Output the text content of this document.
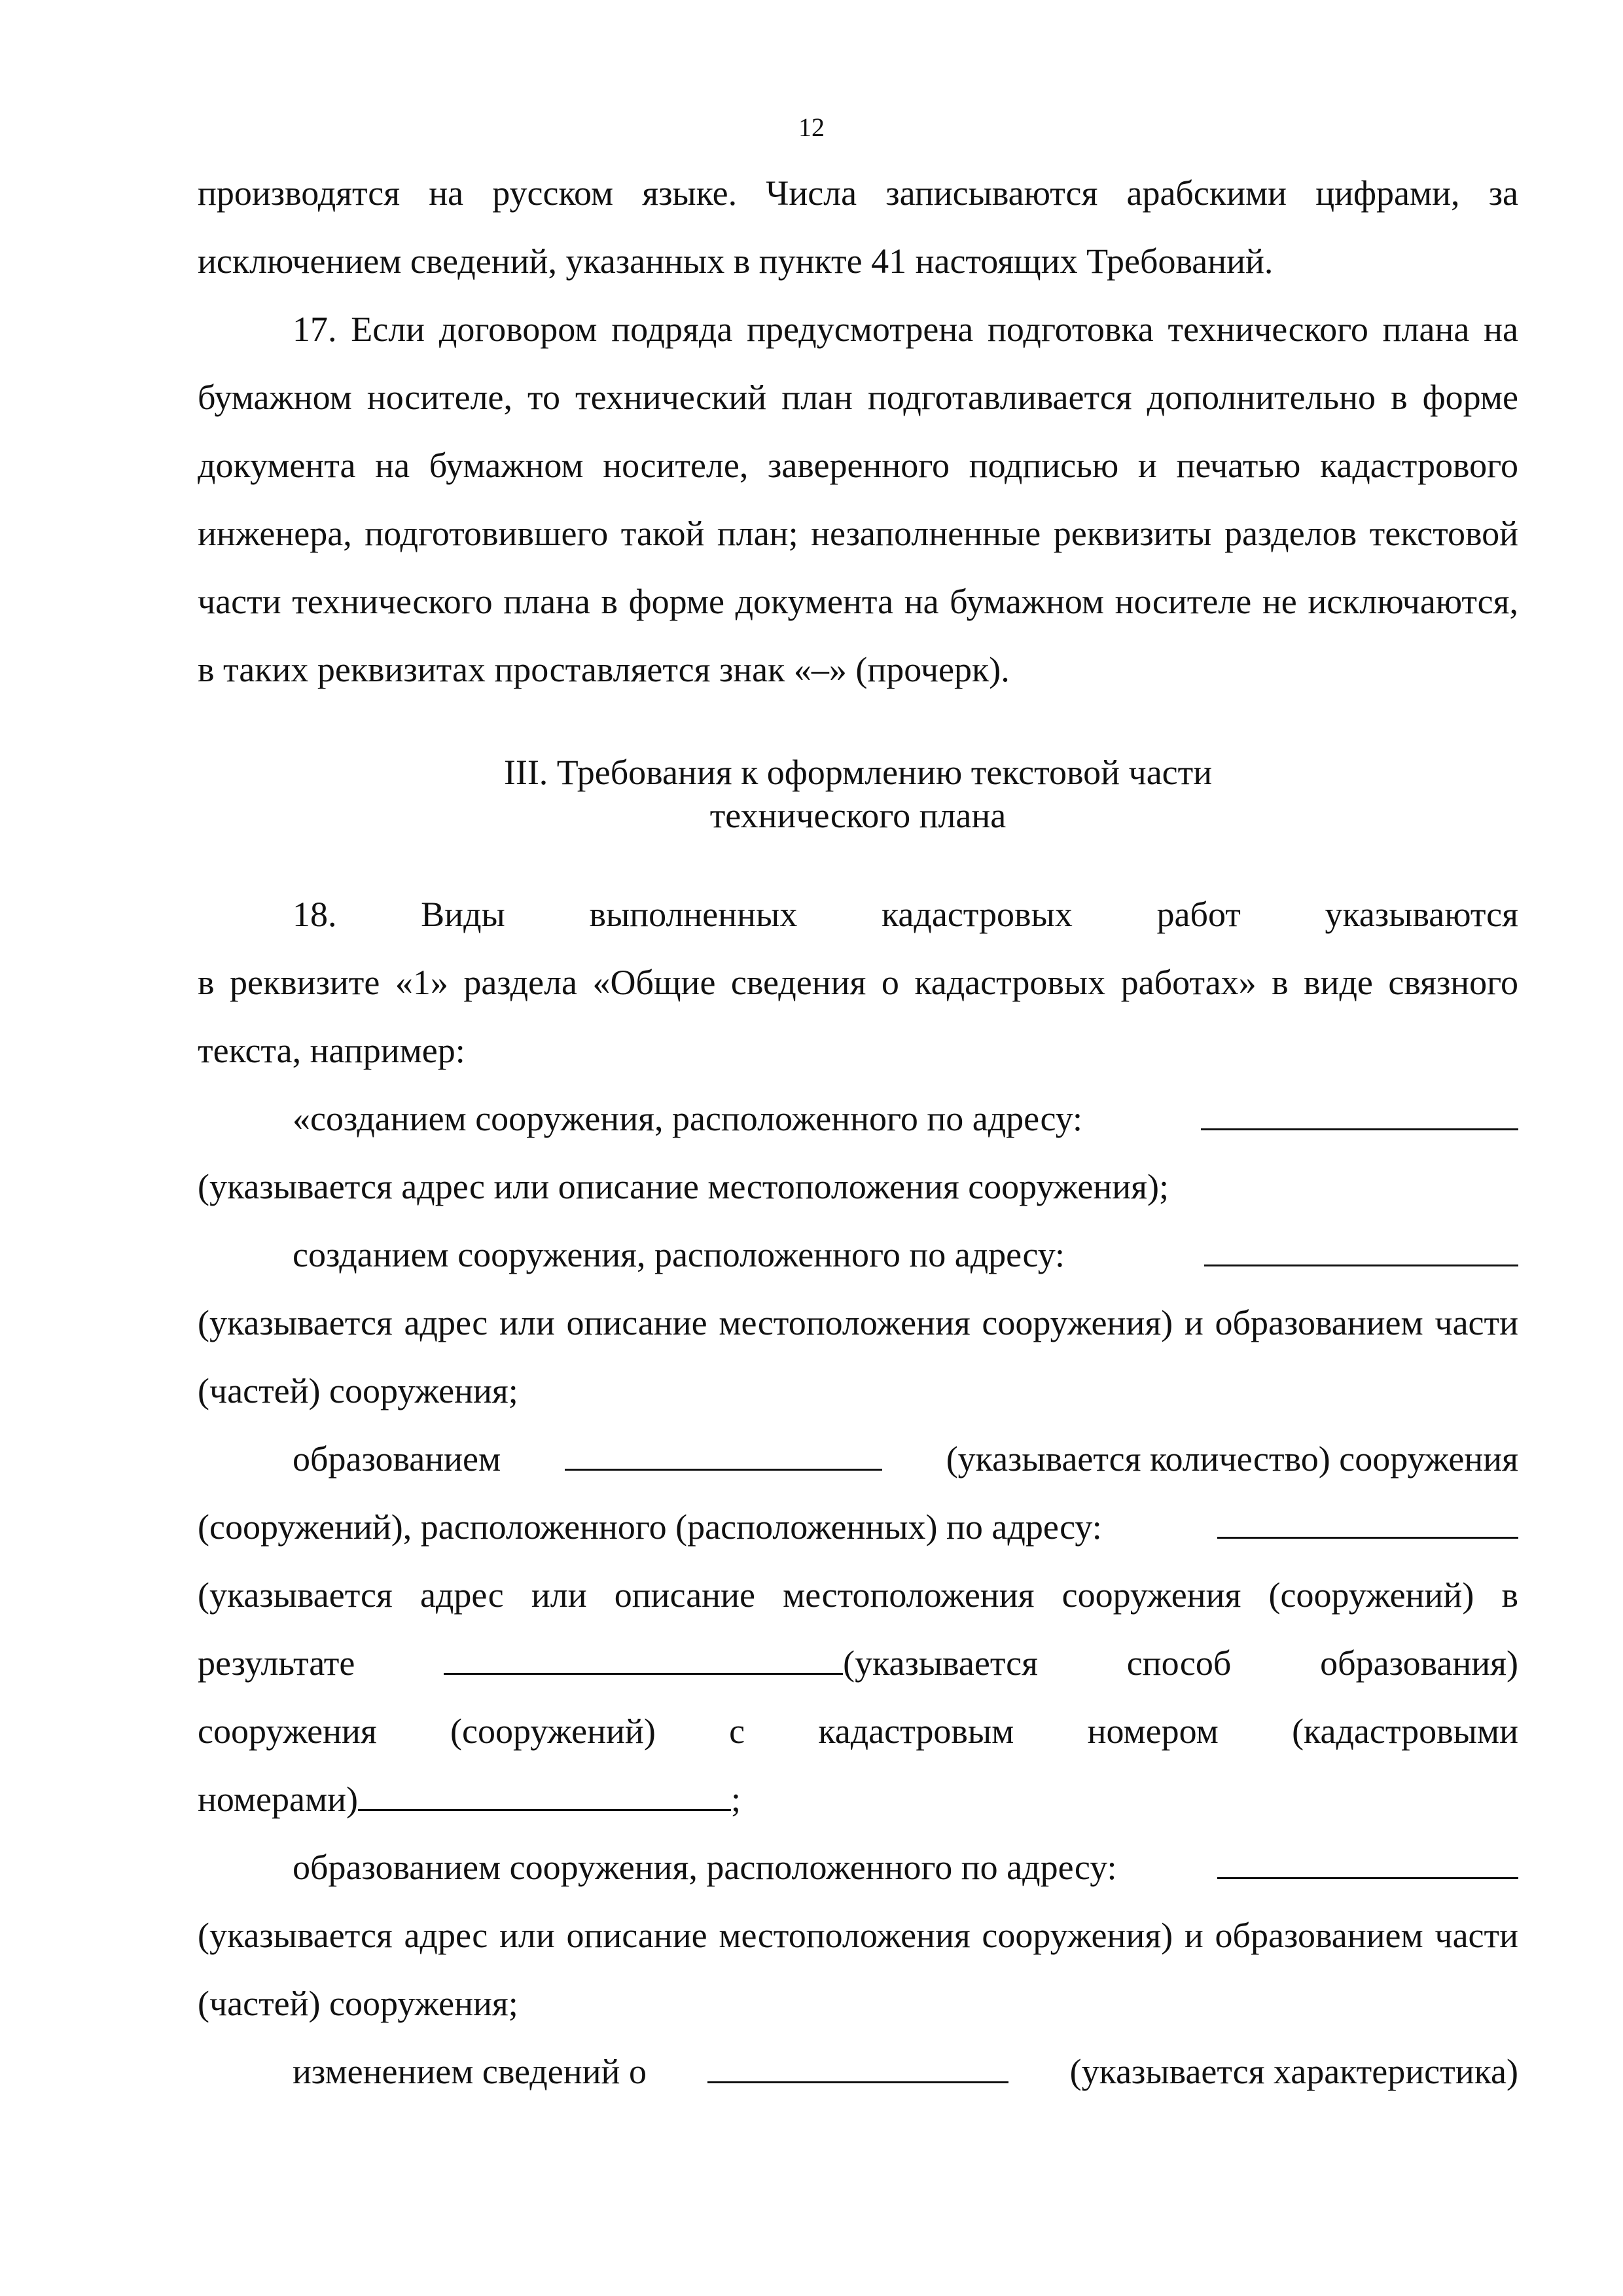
12
производятся на русском языке. Числа записываются арабскими цифрами, за
исключением сведений, указанных в пункте 41 настоящих Требований.

17. Если договором подряда предусмотрена подготовка технического плана на бумажном носителе, то технический план подготавливается дополнительно в форме документа на бумажном носителе, заверенного подписью и печатью кадастрового инженера, подготовившего такой план; незаполненные реквизиты разделов текстовой части технического плана в форме документа на бумажном носителе не исключаются, в таких реквизитах проставляется знак «–» (прочерк).

III. Требования к оформлению текстовой части
технического плана
18. Виды выполненных кадастровых работ указываются

в реквизите «1» раздела «Общие сведения о кадастровых работах» в виде связного текста, например:

«созданием сооружения, расположенного по адресу:
(указывается адрес или описание местоположения сооружения);
созданием сооружения, расположенного по адресу:

(указывается адрес или описание местоположения сооружения) и образованием части (частей) сооружения;

образованием	(указывается количество) сооружения
(сооружений), расположенного (расположенных) по адресу:
(указывается адрес или описание местоположения сооружения (сооружений) в
результате	(указывается	способ	образования)
сооружения (сооружений) с кадастровым номером (кадастровыми
номерами)	;
образованием сооружения, расположенного по адресу:

(указывается адрес или описание местоположения сооружения) и образованием части (частей) сооружения;

изменением сведений о	(указывается характеристика)
